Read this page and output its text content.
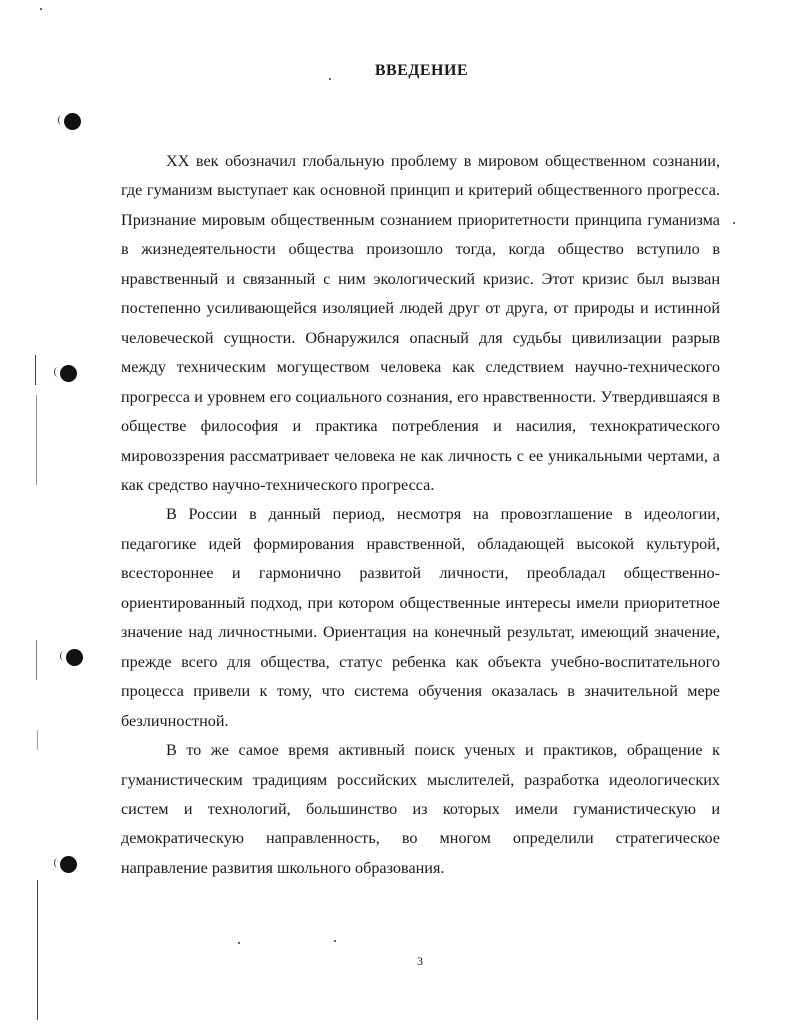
ВВЕДЕНИЕ

XX век обозначил глобальную проблему в мировом общественном сознании, где гуманизм выступает как основной принцип и критерий общественного прогресса. Признание мировым общественным сознанием приоритетности принципа гуманизма в жизнедеятельности общества произошло тогда, когда общество вступило в нравственный и связанный с ним экологический кризис. Этот кризис был вызван постепенно усиливающейся изоляцией людей друг от друга, от природы и истинной человеческой сущности. Обнаружился опасный для судьбы цивилизации разрыв между техническим могуществом человека как следствием научно-технического прогресса и уровнем его социального сознания, его нравственности. Утвердившаяся в обществе философия и практика потребления и насилия, технократического мировоззрения рассматривает человека не как личность с ее уникальными чертами, а как средство научно-технического прогресса.

В России в данный период, несмотря на провозглашение в идеологии, педагогике идей формирования нравственной, обладающей высокой культурой, всестороннее и гармонично развитой личности, преобладал общественно-ориентированный подход, при котором общественные интересы имели приоритетное значение над личностными. Ориентация на конечный результат, имеющий значение, прежде всего для общества, статус ребенка как объекта учебно-воспитательного процесса привели к тому, что система обучения оказалась в значительной мере безличностной.

В то же самое время активный поиск ученых и практиков, обращение к гуманистическим традициям российских мыслителей, разработка идеологических систем и технологий, большинство из которых имели гуманистическую и демократическую направленность, во многом определили стратегическое направление развития школьного образования.

3
